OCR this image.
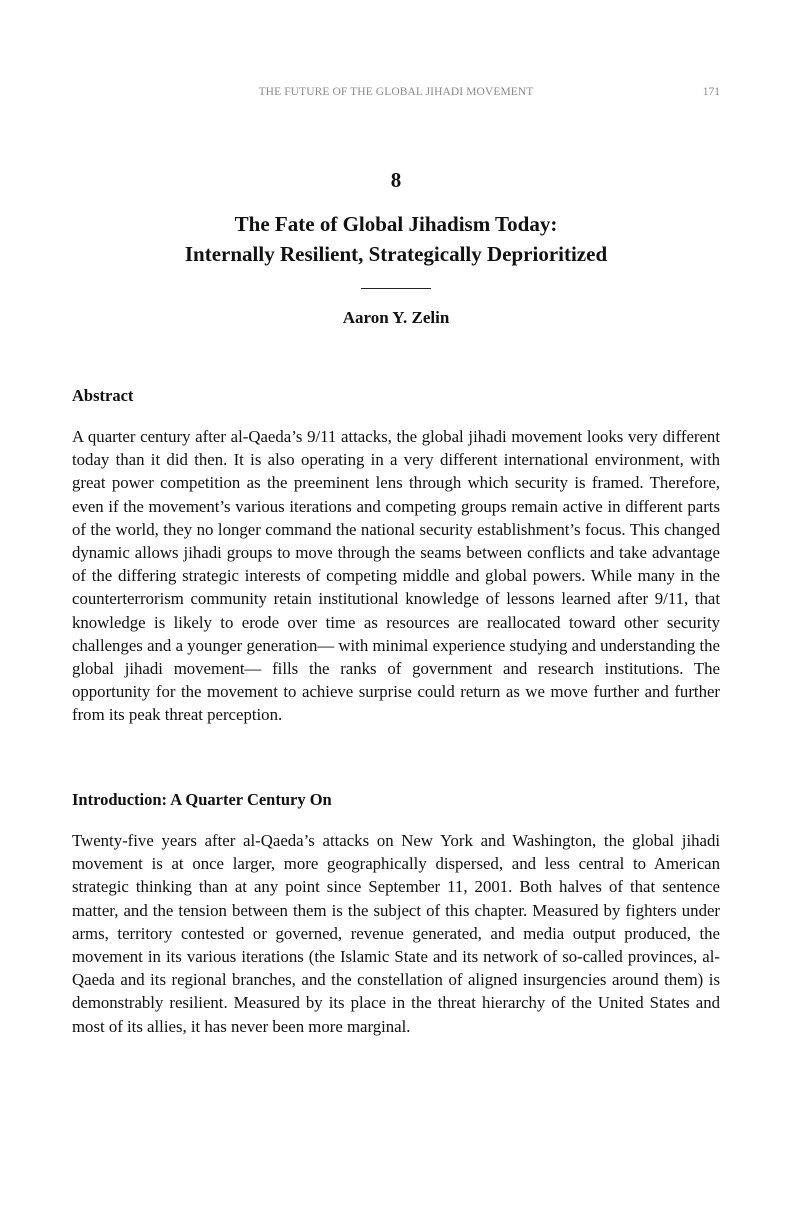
THE FUTURE OF THE GLOBAL JIHADI MOVEMENT	171
8
The Fate of Global Jihadism Today:
Internally Resilient, Strategically Deprioritized
Aaron Y. Zelin
Abstract

A quarter century after al-Qaeda’s 9/11 attacks, the global jihadi movement looks very different today than it did then. It is also operating in a very different international environment, with great power competition as the preeminent lens through which security is framed. Therefore, even if the movement’s various iterations and competing groups remain active in different parts of the world, they no longer command the national security establishment’s focus. This changed dynamic allows jihadi groups to move through the seams between conflicts and take advantage of the differing strategic interests of competing middle and global powers. While many in the counterterrorism community retain institutional knowledge of lessons learned after 9/11, that knowledge is likely to erode over time as resources are reallocated toward other security challenges and a younger generation— with minimal experience studying and understanding the global jihadi movement— fills the ranks of government and research institutions. The opportunity for the movement to achieve surprise could return as we move further and further from its peak threat perception.

Introduction: A Quarter Century On

Twenty-five years after al-Qaeda’s attacks on New York and Washington, the global jihadi movement is at once larger, more geographically dispersed, and less central to American strategic thinking than at any point since September 11, 2001. Both halves of that sentence matter, and the tension between them is the subject of this chapter. Measured by fighters under arms, territory contested or governed, revenue generated, and media output produced, the movement in its various iterations (the Islamic State and its network of so-called provinces, al-Qaeda and its regional branches, and the constellation of aligned insurgencies around them) is demonstrably resilient. Measured by its place in the threat hierarchy of the United States and most of its allies, it has never been more marginal.
